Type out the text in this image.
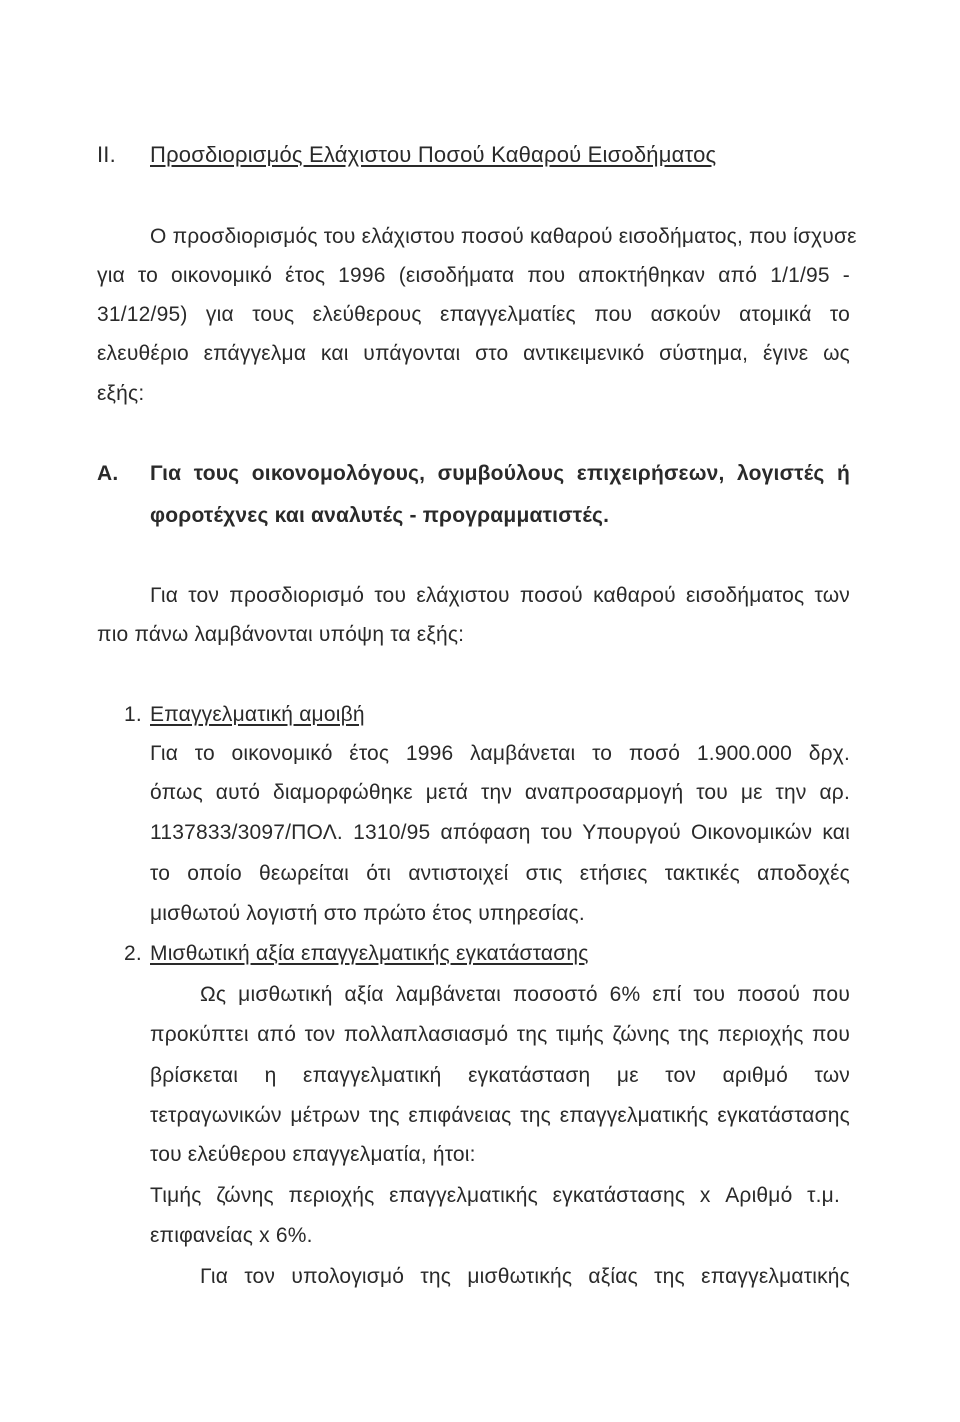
II. Προσδιορισμός Ελάχιστου Ποσού Καθαρού Εισοδήματος
Ο προσδιορισμός του ελάχιστου ποσού καθαρού εισοδήματος, που ίσχυσε
για το οικονομικό έτος 1996 (εισοδήματα που αποκτήθηκαν από 1/1/95 -
31/12/95) για τους ελεύθερους επαγγελματίες που ασκούν ατομικά το
ελευθέριο επάγγελμα και υπάγονται στο αντικειμενικό σύστημα, έγινε ως
εξής:
Α. Για τους οικονομολόγους, συμβούλους επιχειρήσεων, λογιστές ή
φοροτέχνες και αναλυτές - προγραμματιστές.
Για τον προσδιορισμό του ελάχιστου ποσού καθαρού εισοδήματος των
πιο πάνω λαμβάνονται υπόψη τα εξής:
1. Επαγγελματική αμοιβή
Για το οικονομικό έτος 1996 λαμβάνεται το ποσό 1.900.000 δρχ.
όπως αυτό διαμορφώθηκε μετά την αναπροσαρμογή του με την αρ.
1137833/3097/ΠΟΛ. 1310/95 απόφαση του Υπουργού Οικονομικών και
το οποίο θεωρείται ότι αντιστοιχεί στις ετήσιες τακτικές αποδοχές
μισθωτού λογιστή στο πρώτο έτος υπηρεσίας.
2. Μισθωτική αξία επαγγελματικής εγκατάστασης
Ως μισθωτική αξία λαμβάνεται ποσοστό 6% επί του ποσού που
προκύπτει από τον πολλαπλασιασμό της τιμής ζώνης της περιοχής που
βρίσκεται η επαγγελματική εγκατάσταση με τον αριθμό των
τετραγωνικών μέτρων της επιφάνειας της επαγγελματικής εγκατάστασης
του ελεύθερου επαγγελματία, ήτοι:
Τιμής ζώνης περιοχής επαγγελματικής εγκατάστασης x Αριθμό τ.μ.
επιφανείας x 6%.
Για τον υπολογισμό της μισθωτικής αξίας της επαγγελματικής
